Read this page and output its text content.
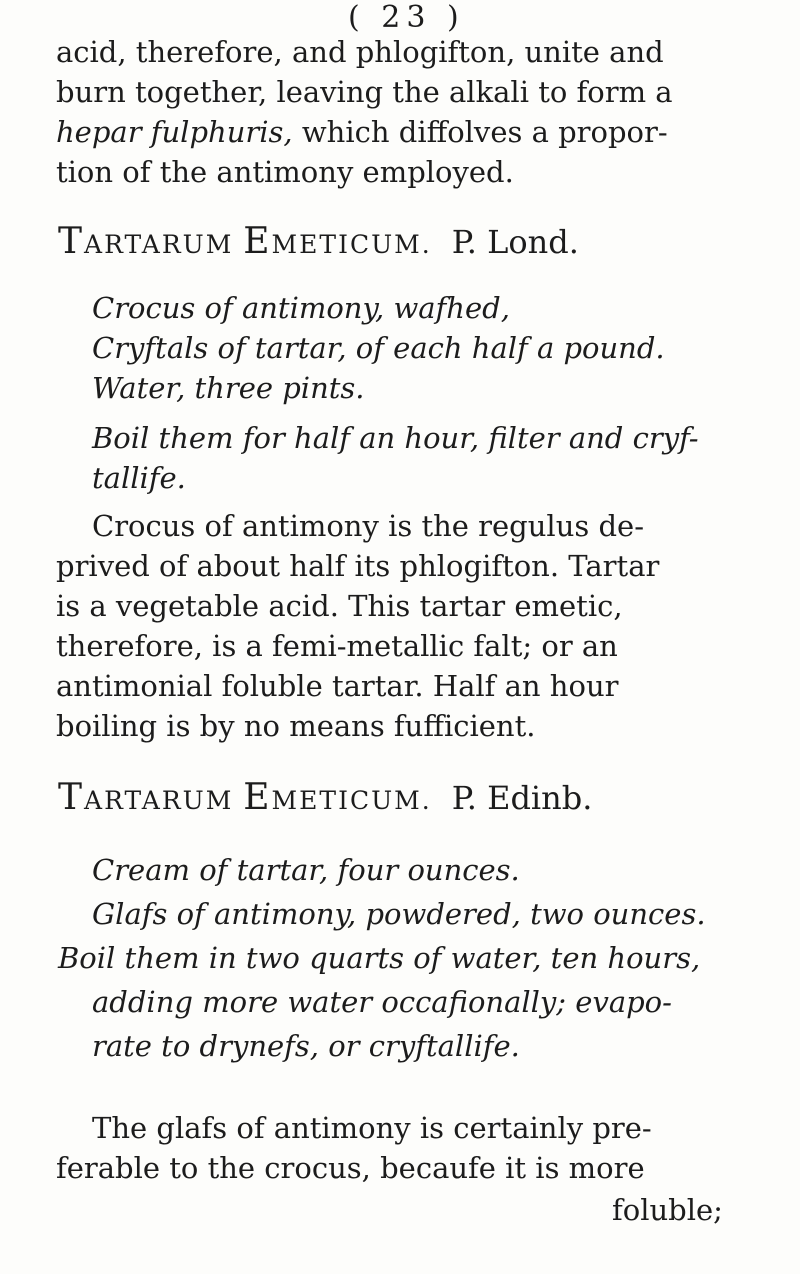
( 23 )
acid, therefore, and phlogifton, unite and
burn together, leaving the alkali to form a
hepar fulphuris, which diffolves a propor-
tion of the antimony employed.
TARTARUM EMETICUM. P. Lond.
Crocus of antimony, wafhed,
Cryftals of tartar, of each half a pound.
Water, three pints.
Boil them for half an hour, filter and cryf-
tallife.
Crocus of antimony is the regulus de-
prived of about half its phlogifton. Tartar
is a vegetable acid. This tartar emetic,
therefore, is a femi-metallic falt; or an
antimonial foluble tartar. Half an hour
boiling is by no means fufficient.
TARTARUM EMETICUM. P. Edinb.
Cream of tartar, four ounces.
Glafs of antimony, powdered, two ounces.
Boil them in two quarts of water, ten hours,
adding more water occafionally; evapo-
rate to drynefs, or cryftallife.
The glafs of antimony is certainly pre-
ferable to the crocus, becaufe it is more
foluble;
